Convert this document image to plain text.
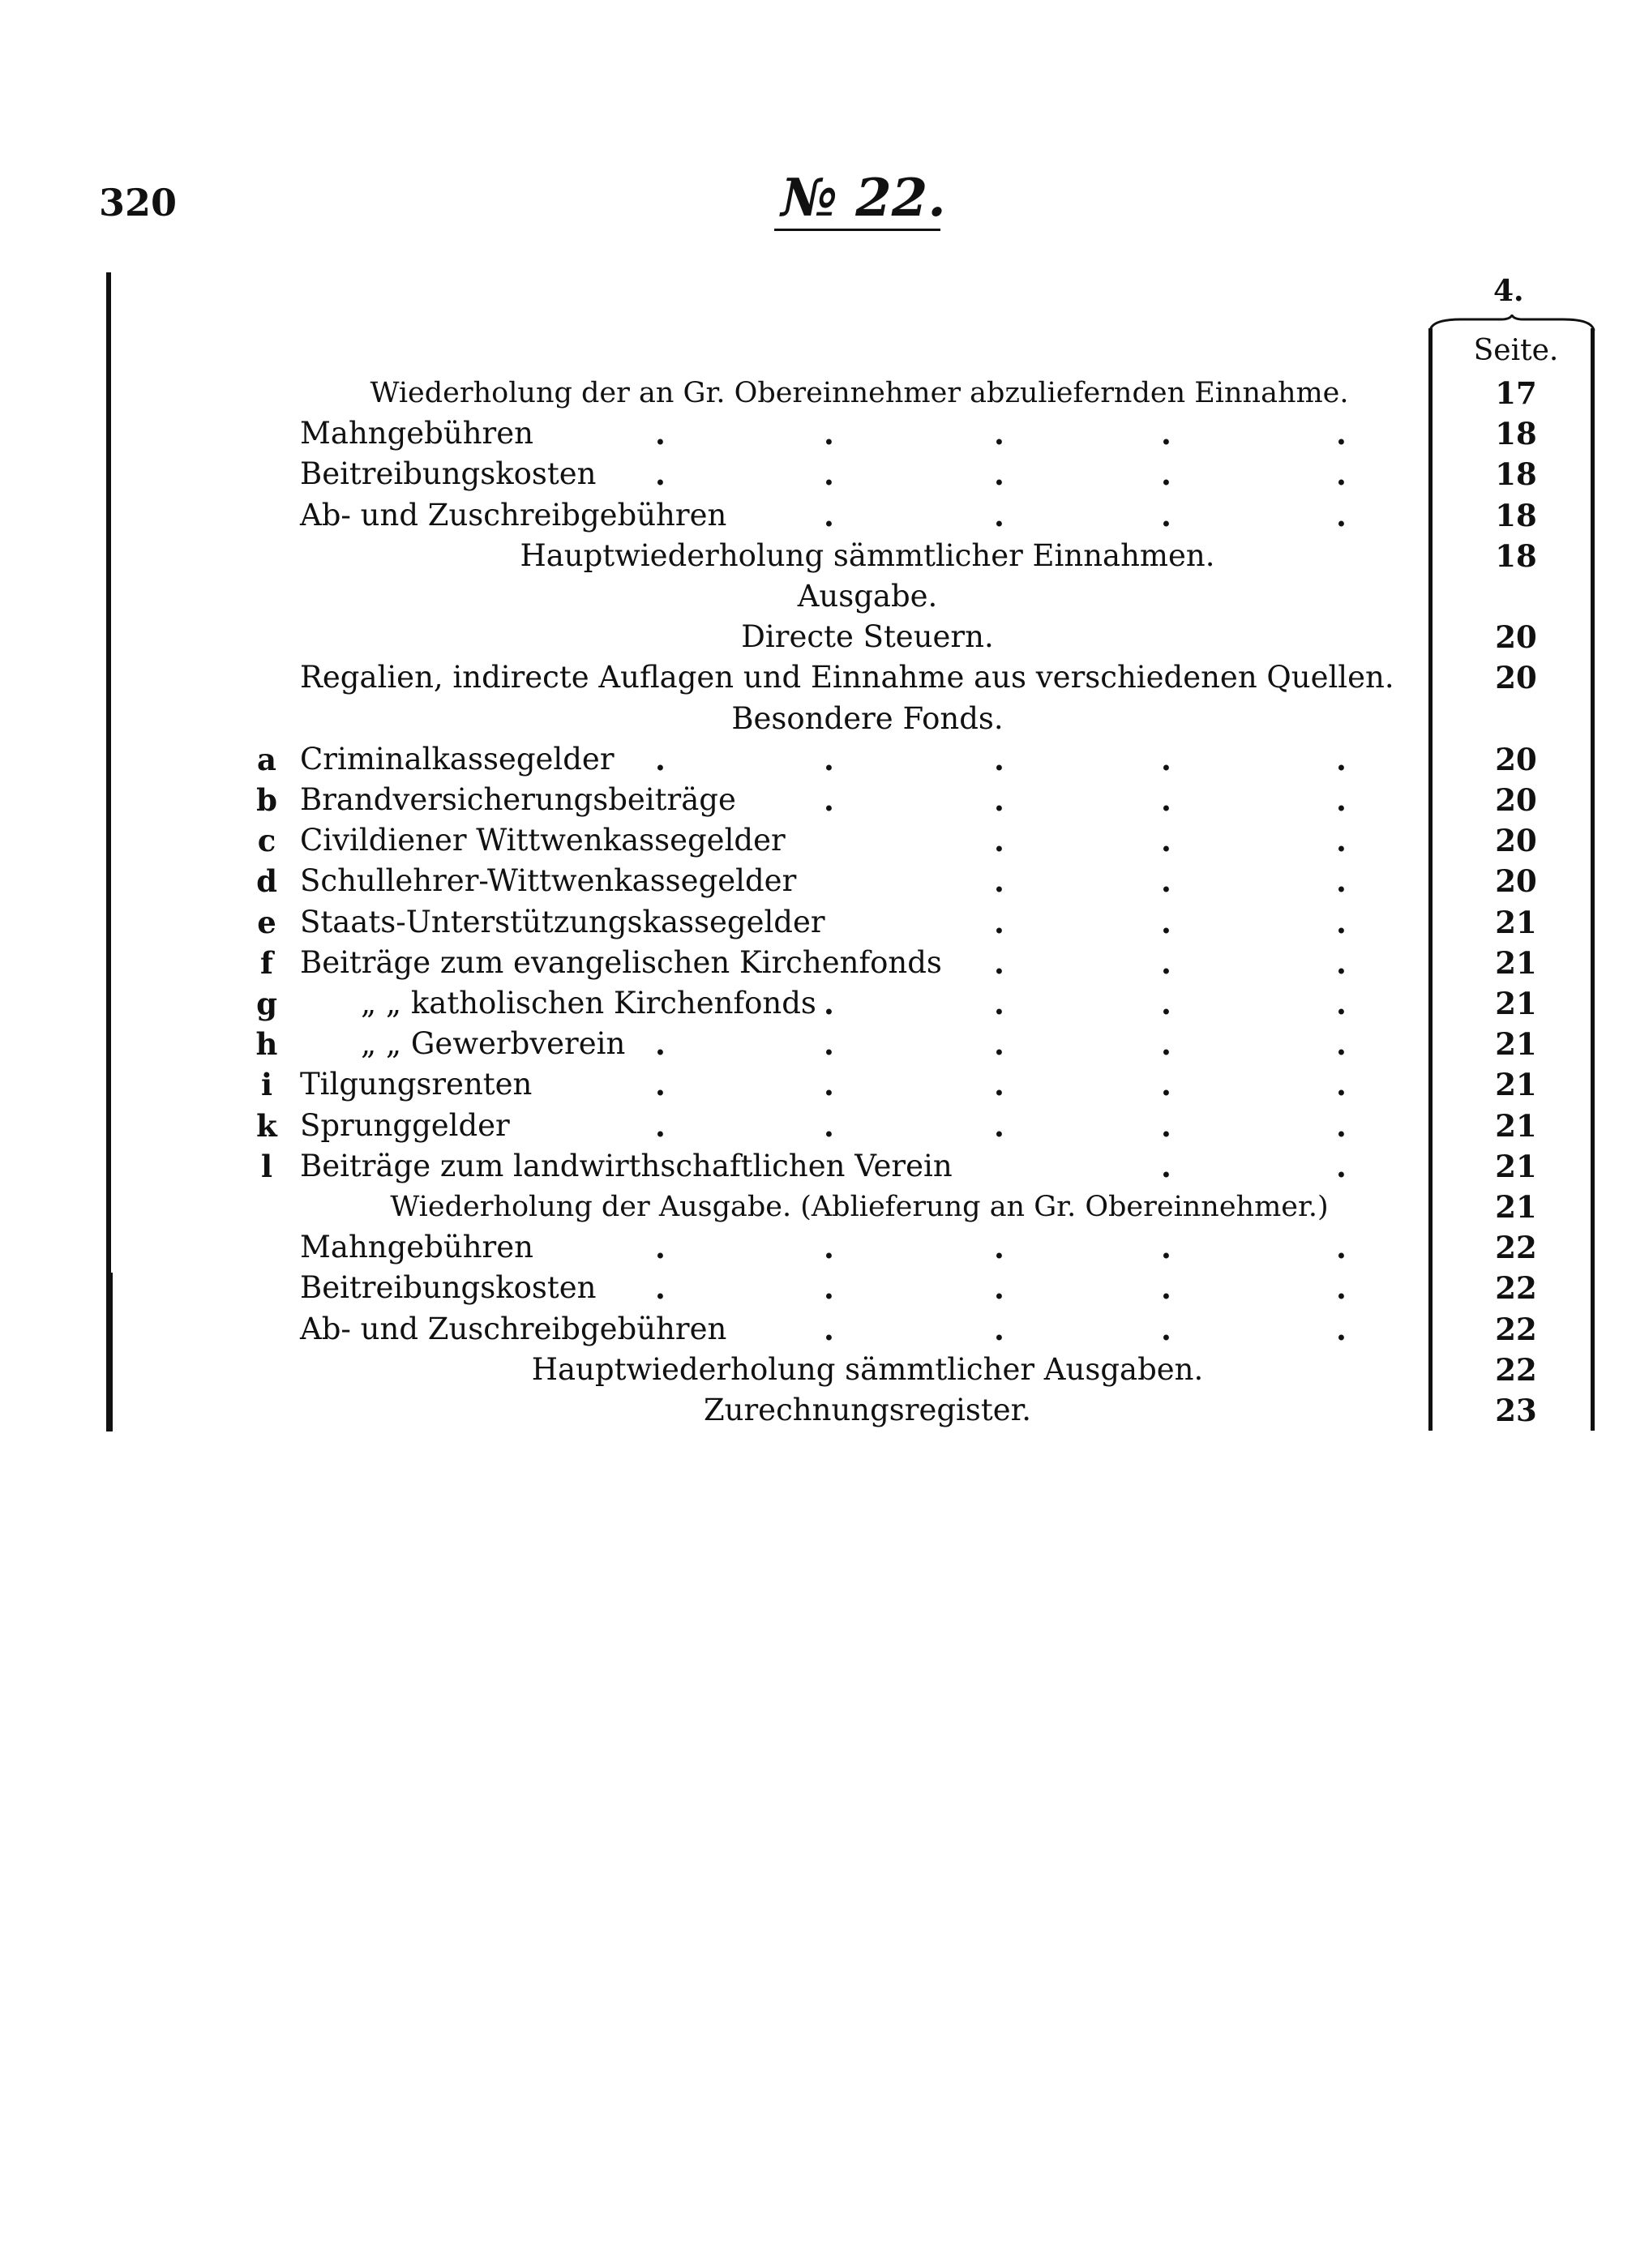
320	№ 22.
4.
Seite.
Wiederholung der an Gr. Obereinnehmer abzuliefernden Einnahme.	17
Mahngebühren	.	.	.	.	.	18
Beitreibungskosten .	.	.	.	.	18
Ab- und Zuschreibgebühren	.	.	.	.	18
Hauptwiederholung sämmtlicher Einnahmen.	18
Ausgabe.
Directe Steuern.	20
Regalien, indirecte Auflagen und Einnahme aus verschiedenen Quellen.	20
Besondere Fonds.
a Criminalkassegelder .	.	.	.	.	20
b Brandversicherungsbeiträge	.	.	.	.	20
c Civildiener Wittwenkassegelder	.	.	.	20
d Schullehrer-Wittwenkassegelder	.	.	.	20
e Staats-Unterstützungskassegelder	.	.	.	21
f Beiträge zum evangelischen Kirchenfonds .	.	.	21
g	„ „ katholischen Kirchenfonds .	.	.	.	21
h	„ „ Gewerbverein .	.	.	.	.	21
i Tilgungsrenten	.	.	.	.	.	21
k Sprunggelder	.	.	.	.	.	21
l Beiträge zum landwirthschaftlichen Verein	.	.	21
Wiederholung der Ausgabe. (Ablieferung an Gr. Obereinnehmer.)	21
Mahngebühren	.	.	.	.	.	22
Beitreibungskosten .	.	.	.	.	22
Ab- und Zuschreibgebühren	.	.	.	.	22
Hauptwiederholung sämmtlicher Ausgaben.	22
Zurechnungsregister.	23
